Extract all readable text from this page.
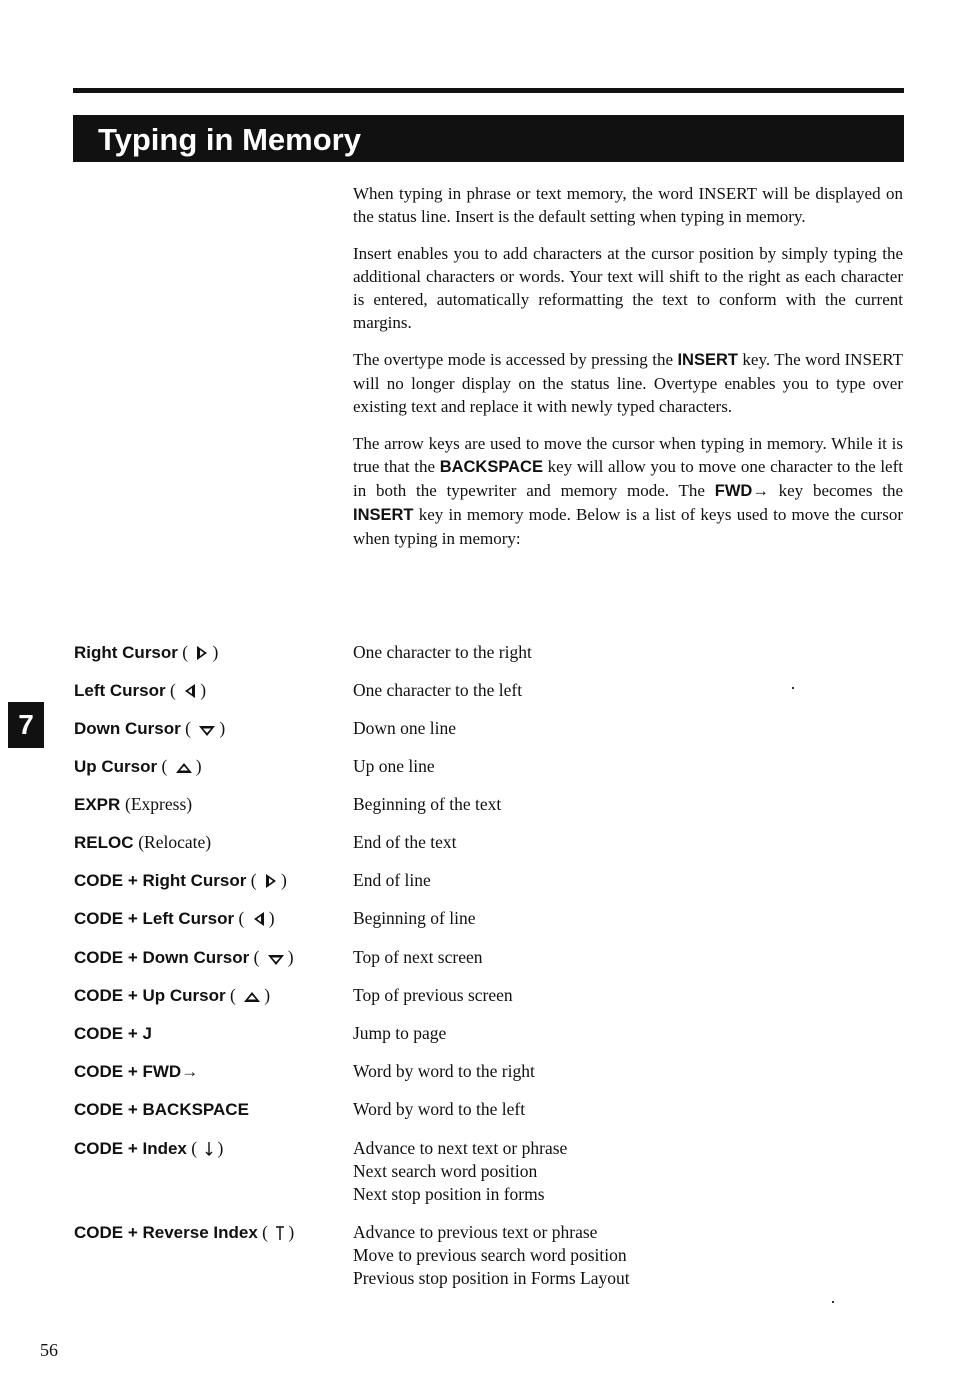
Typing in Memory
7

When typing in phrase or text memory, the word INSERT will be displayed on the status line. Insert is the default setting when typing in memory.

Insert enables you to add characters at the cursor position by simply typing the additional characters or words. Your text will shift to the right as each character is entered, automatically reformatting the text to conform with the current margins.

The overtype mode is accessed by pressing the INSERT key. The word INSERT will no longer display on the status line. Overtype enables you to type over existing text and replace it with newly typed characters.

The arrow keys are used to move the cursor when typing in memory. While it is true that the BACKSPACE key will allow you to move one character to the left in both the typewriter and memory mode. The FWD→ key becomes the INSERT key in memory mode. Below is a list of keys used to move the cursor when typing in memory:

Right Cursor ( )	One character to the right
Left Cursor ( )	One character to the left
Down Cursor ( )	Down one line
Up Cursor ( )	Up one line
EXPR (Express)	Beginning of the text
RELOC (Relocate)	End of the text
CODE + Right Cursor ( )	End of line
CODE + Left Cursor ( )	Beginning of line
CODE + Down Cursor ( )	Top of next screen
CODE + Up Cursor ( )	Top of previous screen
CODE + J	Jump to page
CODE + FWD→	Word by word to the right
CODE + BACKSPACE	Word by word to the left
CODE + Index ( )	Advance to next text or phrase
Next search word position
Next stop position in forms
CODE + Reverse Index ( )	Advance to previous text or phrase
Move to previous search word position
Previous stop position in Forms Layout
56
